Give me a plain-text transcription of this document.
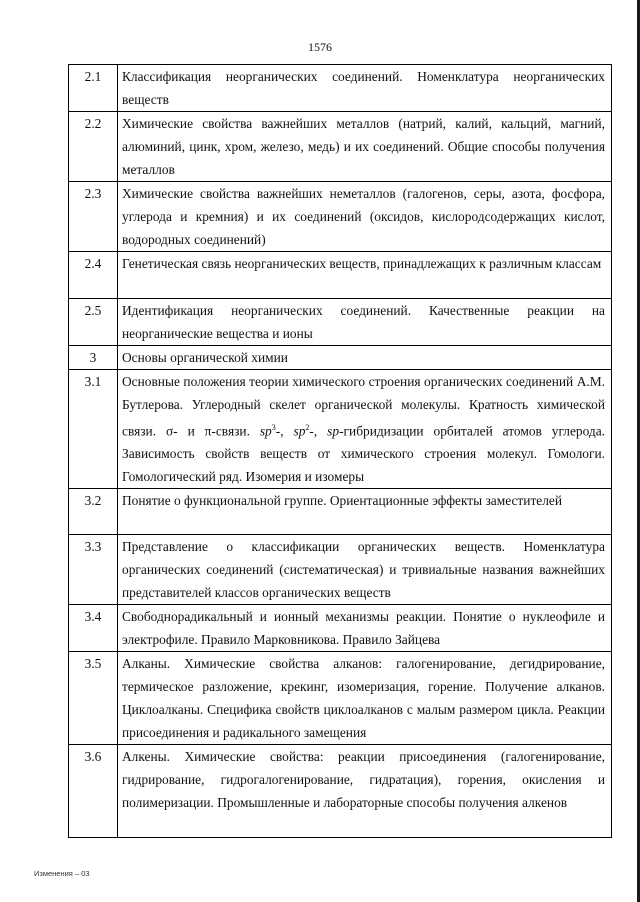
1576
2.1	Классификация неорганических соединений. Номенклатура неорганических веществ
2.2	Химические свойства важнейших металлов (натрий, калий, кальций, магний, алюминий, цинк, хром, железо, медь) и их соединений. Общие способы получения металлов
2.3	Химические свойства важнейших неметаллов (галогенов, серы, азота, фосфора, углерода и кремния) и их соединений (оксидов, кислородсодержащих кислот, водородных соединений)
2.4	Генетическая связь неорганических веществ, принадлежащих к различным классам
2.5	Идентификация неорганических соединений. Качественные реакции на неорганические вещества и ионы
3	Основы органической химии
3.1	Основные положения теории химического строения органических соединений А.М. Бутлерова. Углеродный скелет органической молекулы. Кратность химической связи. σ- и π-связи. $sp^3-$, $sp^2-$, sp-гибридизации орбиталей атомов углерода. Зависимость свойств веществ от химического строения молекул. Гомологи. Гомологический ряд. Изомерия и изомеры
3.2	Понятие о функциональной группе. Ориентационные эффекты заместителей
3.3	Представление о классификации органических веществ. Номенклатура органических соединений (систематическая) и тривиальные названия важнейших представителей классов органических веществ
3.4	Свободнорадикальный и ионный механизмы реакции. Понятие о нуклеофиле и электрофиле. Правило Марковникова. Правило Зайцева
3.5	Алканы. Химические свойства алканов: галогенирование, дегидрирование, термическое разложение, крекинг, изомеризация, горение. Получение алканов. Циклоалканы. Специфика свойств циклоалканов с малым размером цикла. Реакции присоединения и радикального замещения
3.6	Алкены. Химические свойства: реакции присоединения (галогенирование, гидрирование, гидрогалогенирование, гидратация), горения, окисления и полимеризации. Промышленные и лабораторные способы получения алкенов
Изменения – 03
